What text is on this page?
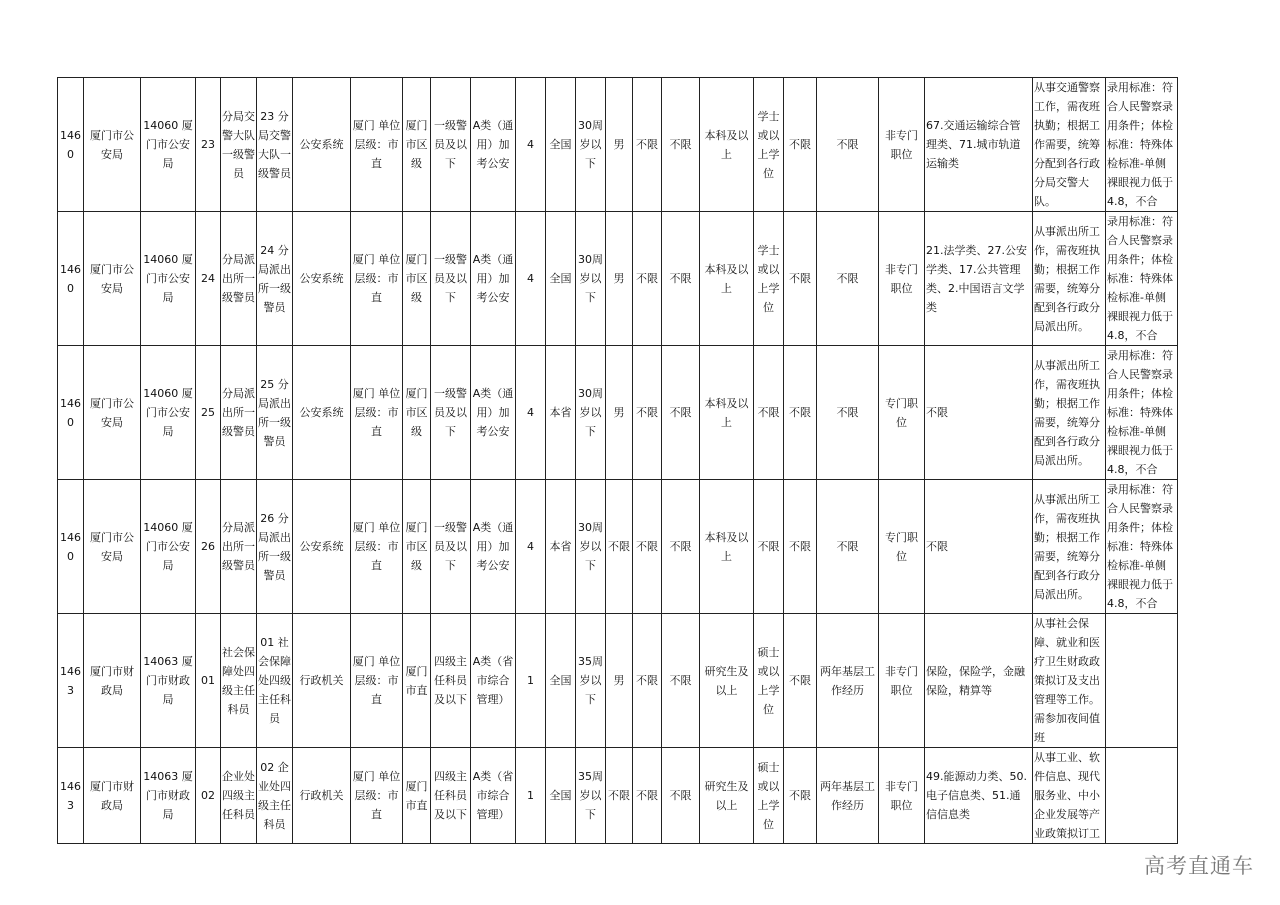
1460	厦门市公安局	14060 厦门市公安局	23	分局交警大队一级警员	23 分局交警大队一级警员	公安系统	厦门 单位层级：市直	厦门市区级	一级警员及以下	A类（通用）加考公安	4	全国	30周岁以下	男	不限	不限	本科及以上	学士或以上学位	不限	不限	非专门职位	67.交通运输综合管理类、71.城市轨道运输类	从事交通警察工作，需夜班执勤；根据工作需要，统筹分配到各行政分局交警大队。	录用标准：符合人民警察录用条件；体检标准：特殊体检标准-单侧裸眼视力低于4.8，不合
1460	厦门市公安局	14060 厦门市公安局	24	分局派出所一级警员	24 分局派出所一级警员	公安系统	厦门 单位层级：市直	厦门市区级	一级警员及以下	A类（通用）加考公安	4	全国	30周岁以下	男	不限	不限	本科及以上	学士或以上学位	不限	不限	非专门职位	21.法学类、27.公安学类、17.公共管理类、2.中国语言文学类	从事派出所工作，需夜班执勤；根据工作需要，统筹分配到各行政分局派出所。	录用标准：符合人民警察录用条件；体检标准：特殊体检标准-单侧裸眼视力低于4.8，不合
1460	厦门市公安局	14060 厦门市公安局	25	分局派出所一级警员	25 分局派出所一级警员	公安系统	厦门 单位层级：市直	厦门市区级	一级警员及以下	A类（通用）加考公安	4	本省	30周岁以下	男	不限	不限	本科及以上	不限	不限	不限	专门职位	不限	从事派出所工作，需夜班执勤；根据工作需要，统筹分配到各行政分局派出所。	录用标准：符合人民警察录用条件；体检标准：特殊体检标准-单侧裸眼视力低于4.8，不合
1460	厦门市公安局	14060 厦门市公安局	26	分局派出所一级警员	26 分局派出所一级警员	公安系统	厦门 单位层级：市直	厦门市区级	一级警员及以下	A类（通用）加考公安	4	本省	30周岁以下	不限	不限	不限	本科及以上	不限	不限	不限	专门职位	不限	从事派出所工作，需夜班执勤；根据工作需要，统筹分配到各行政分局派出所。	录用标准：符合人民警察录用条件；体检标准：特殊体检标准-单侧裸眼视力低于4.8，不合
1463	厦门市财政局	14063 厦门市财政局	01	社会保障处四级主任科员	01 社会保障处四级主任科员	行政机关	厦门 单位层级：市直	厦门市直	四级主任科员及以下	A类（省市综合管理）	1	全国	35周岁以下	男	不限	不限	研究生及以上	硕士或以上学位	不限	两年基层工作经历	非专门职位	保险，保险学，金融保险，精算等	从事社会保障、就业和医疗卫生财政政策拟订及支出管理等工作。需参加夜间值班	
1463	厦门市财政局	14063 厦门市财政局	02	企业处四级主任科员	02 企业处四级主任科员	行政机关	厦门 单位层级：市直	厦门市直	四级主任科员及以下	A类（省市综合管理）	1	全国	35周岁以下	不限	不限	不限	研究生及以上	硕士或以上学位	不限	两年基层工作经历	非专门职位	49.能源动力类、50.电子信息类、51.通信信息类	从事工业、软件信息、现代服务业、中小企业发展等产业政策拟订工	
高考直通车
